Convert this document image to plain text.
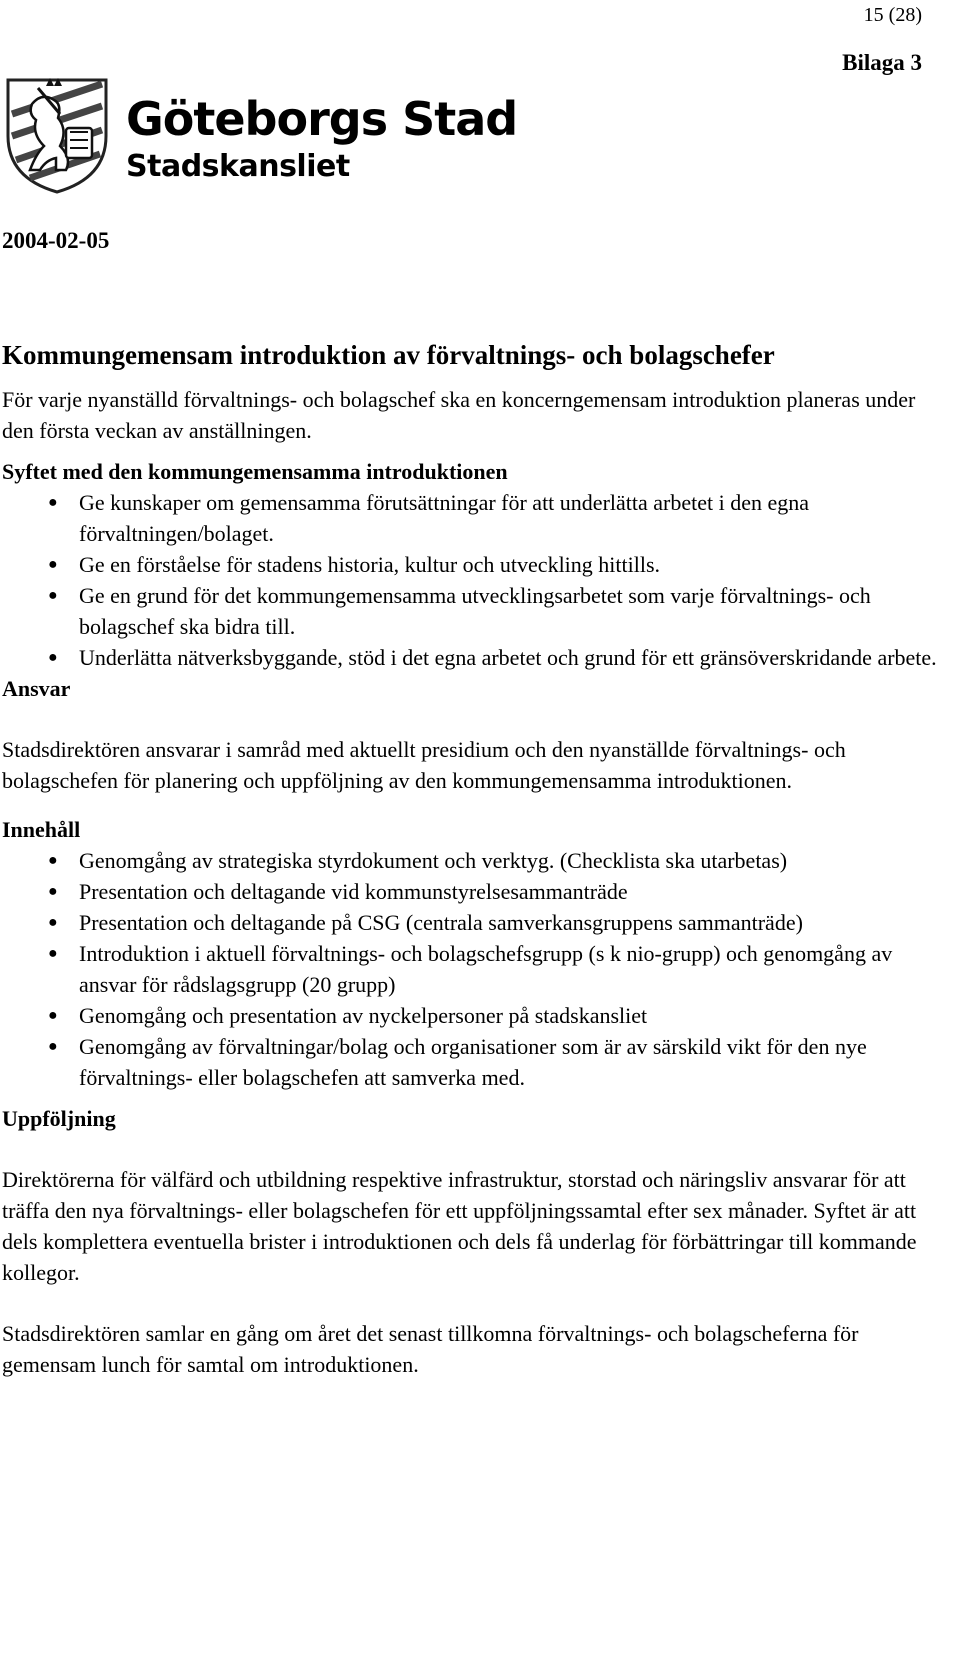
15 (28)
Bilaga 3
Göteborgs Stad
Stadskansliet
2004-02-05
Kommungemensam introduktion av förvaltnings- och bolagschefer

För varje nyanställd förvaltnings- och bolagschef ska en koncerngemensam introduktion planeras under den första veckan av anställningen.

Syftet med den kommungemensamma introduktionen
● Ge kunskaper om gemensamma förutsättningar för att underlätta arbetet i den egna förvaltningen/bolaget.
● Ge en förståelse för stadens historia, kultur och utveckling hittills.
● Ge en grund för det kommungemensamma utvecklingsarbetet som varje förvaltnings- och bolagschef ska bidra till.
● Underlätta nätverksbyggande, stöd i det egna arbetet och grund för ett gränsöverskridande arbete.
Ansvar

Stadsdirektören ansvarar i samråd med aktuellt presidium och den nyanställde förvaltnings- och bolagschefen för planering och uppföljning av den kommungemensamma introduktionen.

Innehåll
● Genomgång av strategiska styrdokument och verktyg. (Checklista ska utarbetas)
● Presentation och deltagande vid kommunstyrelsesammanträde
● Presentation och deltagande på CSG (centrala samverkansgruppens sammanträde)
● Introduktion i aktuell förvaltnings- och bolagschefsgrupp (s k nio-grupp) och genomgång av ansvar för rådslagsgrupp (20 grupp)
● Genomgång och presentation av nyckelpersoner på stadskansliet
● Genomgång av förvaltningar/bolag och organisationer som är av särskild vikt för den nye förvaltnings- eller bolagschefen att samverka med.
Uppföljning

Direktörerna för välfärd och utbildning respektive infrastruktur, storstad och näringsliv ansvarar för att träffa den nya förvaltnings- eller bolagschefen för ett uppföljningssamtal efter sex månader. Syftet är att dels komplettera eventuella brister i introduktionen och dels få underlag för förbättringar till kommande kollegor.

Stadsdirektören samlar en gång om året det senast tillkomna förvaltnings- och bolagscheferna för gemensam lunch för samtal om introduktionen.
